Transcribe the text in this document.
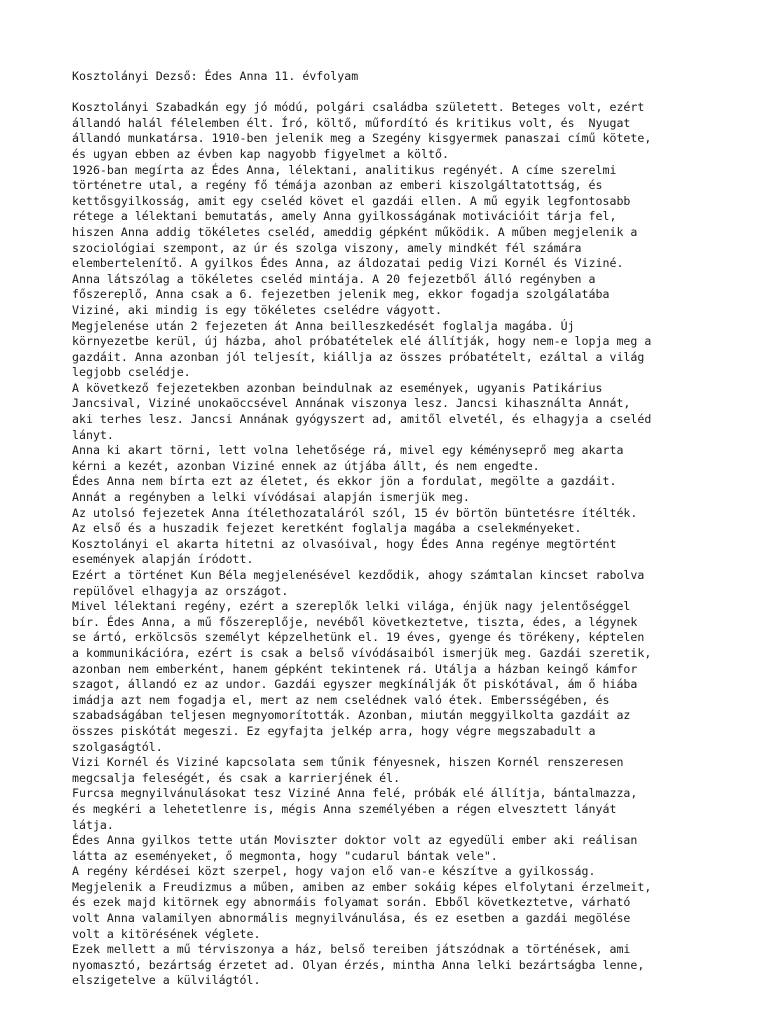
Kosztolányi Dezső: Édes Anna 11. évfolyam
Kosztolányi Szabadkán egy jó módú, polgári családba született. Beteges volt, ezért
állandó halál félelemben élt. Író, költő, műfordító és kritikus volt, és  Nyugat
állandó munkatársa. 1910-ben jelenik meg a Szegény kisgyermek panaszai című kötete,
és ugyan ebben az évben kap nagyobb figyelmet a költő.
1926-ban megírta az Édes Anna, lélektani, analitikus regényét. A címe szerelmi
történetre utal, a regény fő témája azonban az emberi kiszolgáltatottság, és
kettősgyilkosság, amit egy cseléd követ el gazdái ellen. A mű egyik legfontosabb
rétege a lélektani bemutatás, amely Anna gyilkosságának motivációit tárja fel,
hiszen Anna addig tökéletes cseléd, ameddig gépként működik. A műben megjelenik a
szociológiai szempont, az úr és szolga viszony, amely mindkét fél számára
elembertelenítő. A gyilkos Édes Anna, az áldozatai pedig Vizi Kornél és Viziné.
Anna látszólag a tökéletes cseléd mintája. A 20 fejezetből álló regényben a
főszereplő, Anna csak a 6. fejezetben jelenik meg, ekkor fogadja szolgálatába
Viziné, aki mindig is egy tökéletes cselédre vágyott.
Megjelenése után 2 fejezeten át Anna beilleszkedését foglalja magába. Új
környezetbe kerül, új házba, ahol próbatételek elé állítják, hogy nem-e lopja meg a
gazdáit. Anna azonban jól teljesít, kiállja az összes próbatételt, ezáltal a világ
legjobb cselédje.
A következő fejezetekben azonban beindulnak az események, ugyanis Patikárius
Jancsival, Viziné unokaöccsével Annának viszonya lesz. Jancsi kihasználta Annát,
aki terhes lesz. Jancsi Annának gyógyszert ad, amitől elvetél, és elhagyja a cseléd
lányt.
Anna ki akart törni, lett volna lehetősége rá, mivel egy kéményseprő meg akarta
kérni a kezét, azonban Viziné ennek az útjába állt, és nem engedte.
Édes Anna nem bírta ezt az életet, és ekkor jön a fordulat, megölte a gazdáit.
Annát a regényben a lelki vívódásai alapján ismerjük meg.
Az utolsó fejezetek Anna ítélethozataláról szól, 15 év börtön büntetésre ítélték.
Az első és a huszadik fejezet keretként foglalja magába a cselekményeket.
Kosztolányi el akarta hitetni az olvasóival, hogy Édes Anna regénye megtörtént
események alapján íródott.
Ezért a történet Kun Béla megjelenésével kezdődik, ahogy számtalan kincset rabolva
repülővel elhagyja az országot.
Mivel lélektani regény, ezért a szereplők lelki világa, énjük nagy jelentőséggel
bír. Édes Anna, a mű főszereplője, nevéből következtetve, tiszta, édes, a légynek
se ártó, erkölcsös személyt képzelhetünk el. 19 éves, gyenge és törékeny, képtelen
a kommunikációra, ezért is csak a belső vívódásaiból ismerjük meg. Gazdái szeretik,
azonban nem emberként, hanem gépként tekintenek rá. Utálja a házban keingő kámfor
szagot, állandó ez az undor. Gazdái egyszer megkínálják őt piskótával, ám ő hiába
imádja azt nem fogadja el, mert az nem cselédnek való étek. Embersségében, és
szabadságában teljesen megnyomorították. Azonban, miután meggyilkolta gazdáit az
összes piskótát megeszi. Ez egyfajta jelkép arra, hogy végre megszabadult a
szolgaságtól.
Vizi Kornél és Viziné kapcsolata sem tűnik fényesnek, hiszen Kornél renszeresen
megcsalja feleségét, és csak a karrierjének él.
Furcsa megnyilvánulásokat tesz Viziné Anna felé, próbák elé állítja, bántalmazza,
és megkéri a lehetetlenre is, mégis Anna személyében a régen elvesztett lányát
látja.
Édes Anna gyilkos tette után Moviszter doktor volt az egyedüli ember aki reálisan
látta az eseményeket, ő megmonta, hogy "cudarul bántak vele".
A regény kérdései közt szerpel, hogy vajon elő van-e készítve a gyilkosság.
Megjelenik a Freudizmus a műben, amiben az ember sokáig képes elfolytani érzelmeit,
és ezek majd kitörnek egy abnormáis folyamat során. Ebből következtetve, várható
volt Anna valamilyen abnormális megnyilvánulása, és ez esetben a gazdái megölése
volt a kitörésének véglete.
Ezek mellett a mű térviszonya a ház, belső tereiben játszódnak a történések, ami
nyomasztó, bezártság érzetet ad. Olyan érzés, mintha Anna lelki bezártságba lenne,
elszigetelve a külvilágtól.
